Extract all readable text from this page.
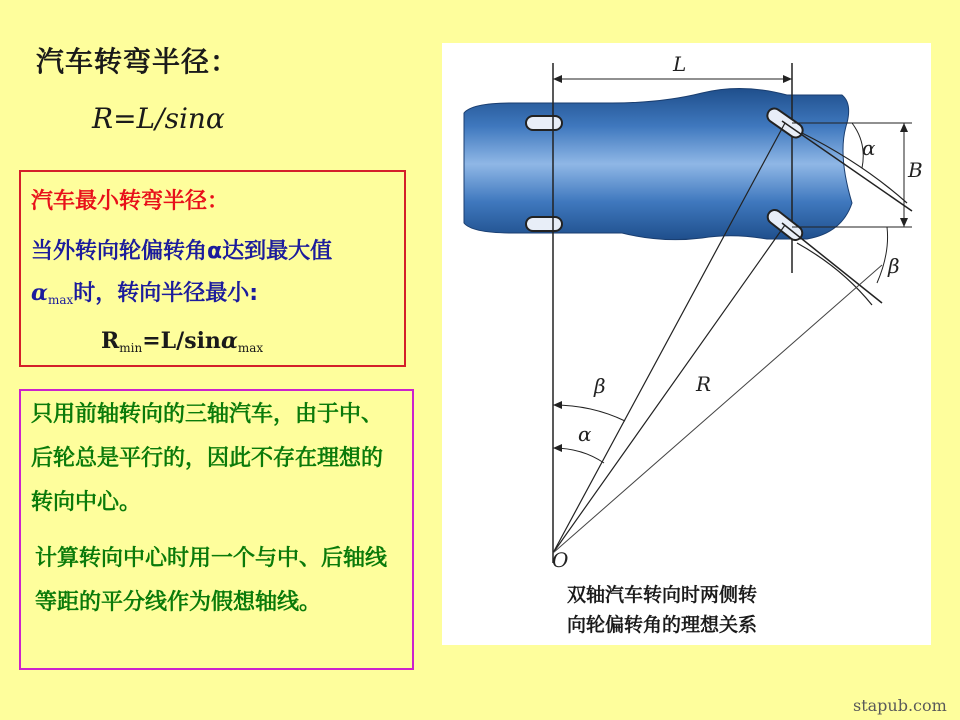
汽车转弯半径：
R=L/sinα
汽车最小转弯半径：
当外转向轮偏转角α达到最大值
$\alpha_{max}$时，转向半径最小:
$R_{min}=L/\sin\alpha_{max}$
只用前轴转向的三轴汽车，由于中、后轮总是平行的，因此不存在理想的转向中心。
计算转向中心时用一个与中、后轴线等距的平分线作为假想轴线。
L
B
α
β
R
β
α
O
双轴汽车转向时两侧转
向轮偏转角的理想关系
stapub.com
